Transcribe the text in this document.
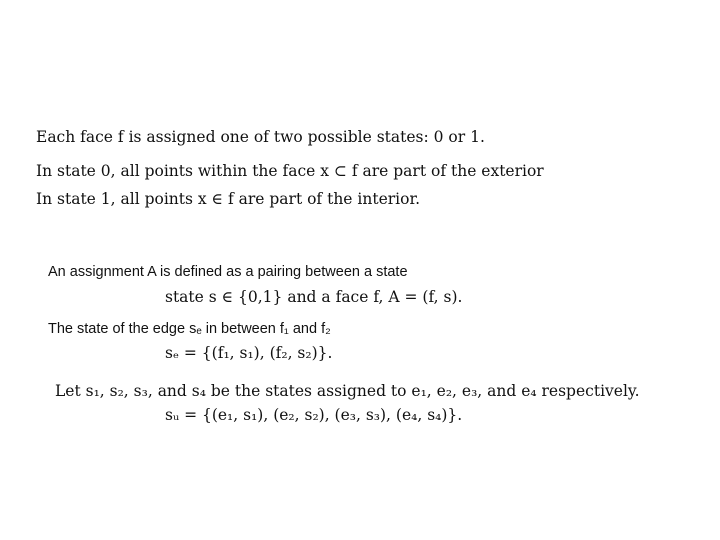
Each face f is assigned one of two possible states: 0 or 1.
In state 0, all points within the face x ⊂ f are part of the exterior
In state 1, all points x ∈ f are part of the interior.
An assignment A is defined as a pairing between a state
state s ∈ {0,1} and a face f, A = (f, s).
The state of the edge sₑ in between f₁ and f₂
sₑ = {(f₁, s₁), (f₂, s₂)}.
Let s₁, s₂, s₃, and s₄ be the states assigned to e₁, e₂, e₃, and e₄ respectively.
sᵤ = {(e₁, s₁), (e₂, s₂), (e₃, s₃), (e₄, s₄)}.
